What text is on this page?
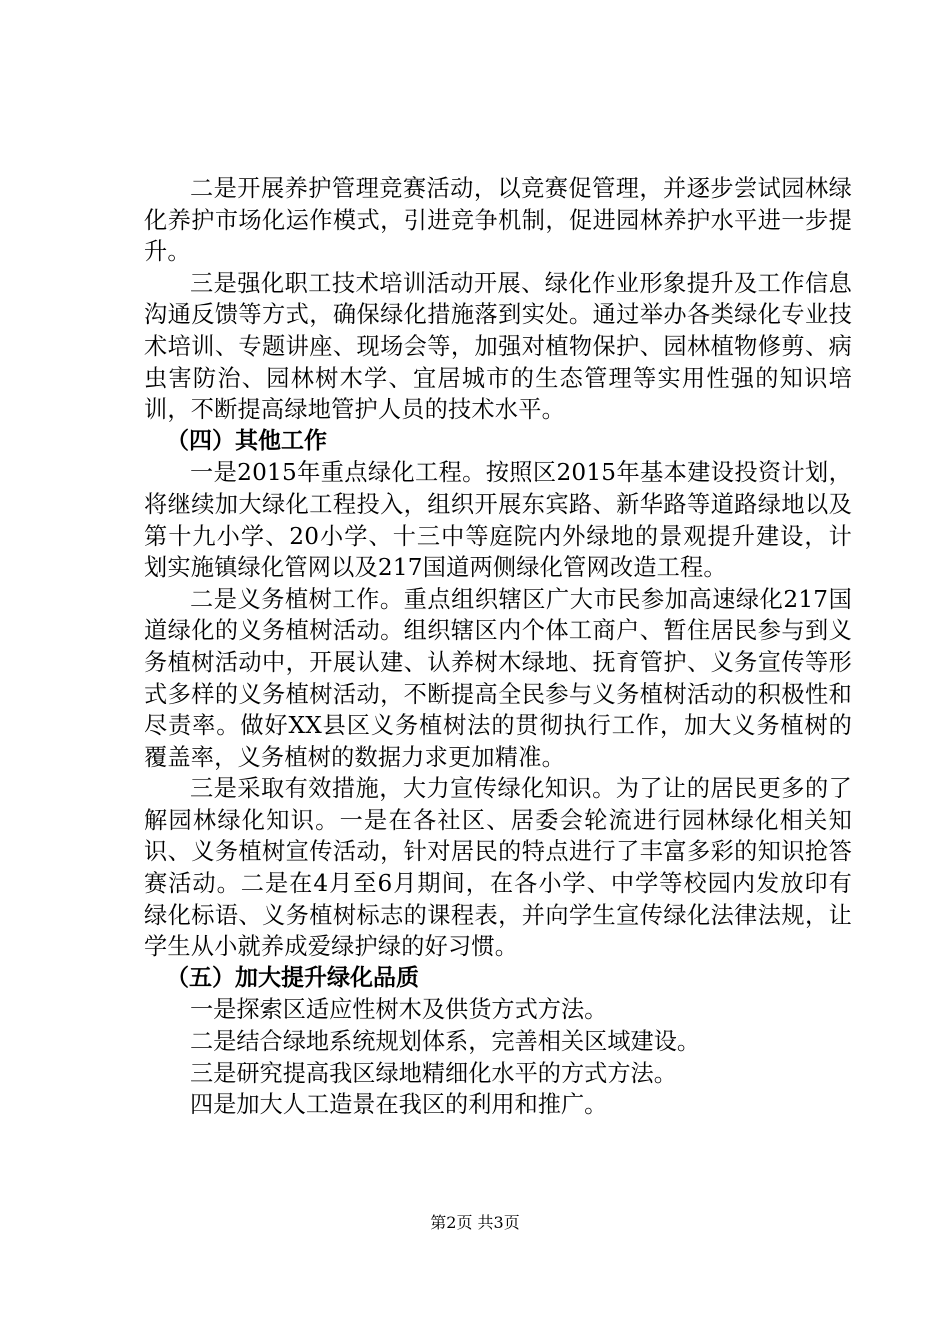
二是开展养护管理竞赛活动，以竞赛促管理，并逐步尝试园林绿化养护市场化运作模式，引进竞争机制，促进园林养护水平进一步提升。

三是强化职工技术培训活动开展、绿化作业形象提升及工作信息沟通反馈等方式，确保绿化措施落到实处。通过举办各类绿化专业技术培训、专题讲座、现场会等，加强对植物保护、园林植物修剪、病虫害防治、园林树木学、宜居城市的生态管理等实用性强的知识培训，不断提高绿地管护人员的技术水平。

（四）其他工作

一是2015年重点绿化工程。按照区2015年基本建设投资计划，将继续加大绿化工程投入，组织开展东宾路、新华路等道路绿地以及第十九小学、20小学、十三中等庭院内外绿地的景观提升建设，计划实施镇绿化管网以及217国道两侧绿化管网改造工程。

二是义务植树工作。重点组织辖区广大市民参加高速绿化217国道绿化的义务植树活动。组织辖区内个体工商户、暂住居民参与到义务植树活动中，开展认建、认养树木绿地、抚育管护、义务宣传等形式多样的义务植树活动，不断提高全民参与义务植树活动的积极性和尽责率。做好XX县区义务植树法的贯彻执行工作，加大义务植树的覆盖率，义务植树的数据力求更加精准。

三是采取有效措施，大力宣传绿化知识。为了让的居民更多的了解园林绿化知识。一是在各社区、居委会轮流进行园林绿化相关知识、义务植树宣传活动，针对居民的特点进行了丰富多彩的知识抢答赛活动。二是在4月至6月期间，在各小学、中学等校园内发放印有绿化标语、义务植树标志的课程表，并向学生宣传绿化法律法规，让学生从小就养成爱绿护绿的好习惯。

（五）加大提升绿化品质

一是探索区适应性树木及供货方式方法。

二是结合绿地系统规划体系，完善相关区域建设。

三是研究提高我区绿地精细化水平的方式方法。

四是加大人工造景在我区的利用和推广。

第2页 共3页
